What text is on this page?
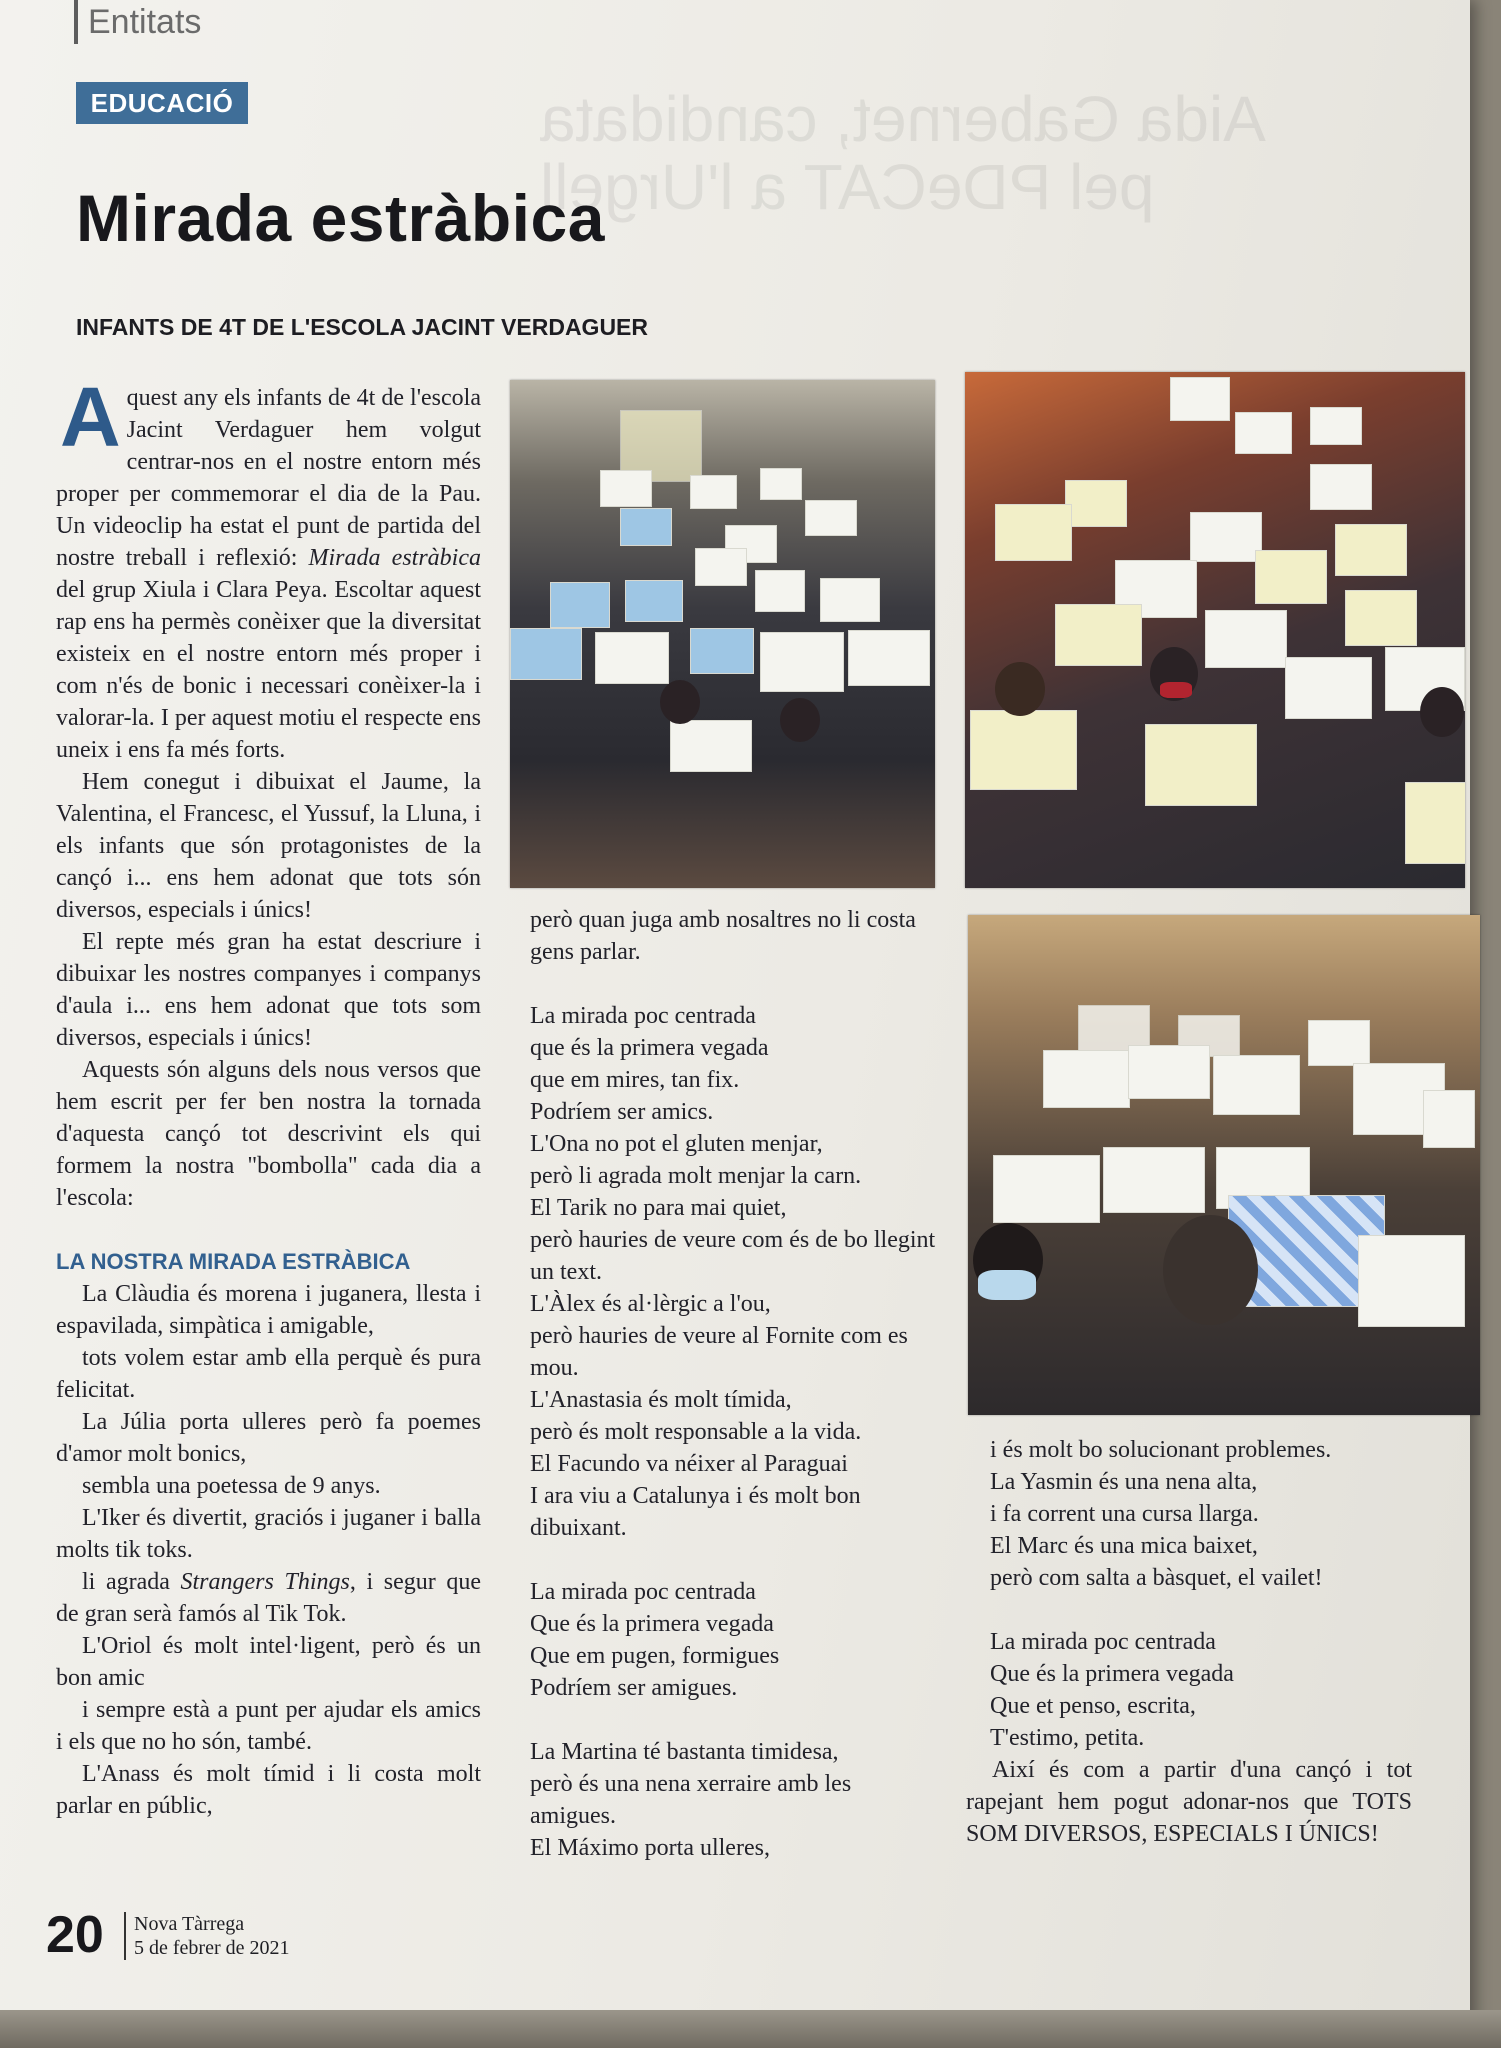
Aida Gabernet, candidata
pel PDeCAT a l'Urgell
Entitats
EDUCACIÓ
Mirada estràbica
INFANTS DE 4T DE L'ESCOLA JACINT VERDAGUER

Aquest any els infants de 4t de l'escola Jacint Verdaguer hem volgut centrar-nos en el nostre entorn més proper per commemorar el dia de la Pau. Un videoclip ha estat el punt de partida del nostre treball i reflexió: Mirada estràbica del grup Xiula i Clara Peya. Escoltar aquest rap ens ha permès conèixer que la diversitat existeix en el nostre entorn més proper i com n'és de bonic i necessari conèixer-la i valorar-la. I per aquest motiu el respecte ens uneix i ens fa més forts.

Hem conegut i dibuixat el Jaume, la Valentina, el Francesc, el Yussuf, la Lluna, i els infants que són protagonistes de la cançó i... ens hem adonat que tots són diversos, especials i únics!

El repte més gran ha estat descriure i dibuixar les nostres companyes i companys d'aula i... ens hem adonat que tots som diversos, especials i únics!

Aquests són alguns dels nous versos que hem escrit per fer ben nostra la tornada d'aquesta cançó tot descrivint els qui formem la nostra "bombolla" cada dia a l'escola:

LA NOSTRA MIRADA ESTRÀBICA

La Clàudia és morena i juganera, llesta i espavilada, simpàtica i amigable,

tots volem estar amb ella perquè és pura felicitat.

La Júlia porta ulleres però fa poemes d'amor molt bonics,

sembla una poetessa de 9 anys.

L'Iker és divertit, graciós i juganer i balla molts tik toks.

li agrada Strangers Things, i segur que de gran serà famós al Tik Tok.

L'Oriol és molt intel·ligent, però és un bon amic

i sempre està a punt per ajudar els amics i els que no ho són, també.

L'Anass és molt tímid i li costa molt parlar en públic,

però quan juga amb nosaltres no li costa gens parlar.

La mirada poc centrada

que és la primera vegada

que em mires, tan fix.

Podríem ser amics.

L'Ona no pot el gluten menjar,

però li agrada molt menjar la carn.

El Tarik no para mai quiet,

però hauries de veure com és de bo llegint un text.

L'Àlex és al·lèrgic a l'ou,

però hauries de veure al Fornite com es mou.

L'Anastasia és molt tímida,

però és molt responsable a la vida.

El Facundo va néixer al Paraguai

I ara viu a Catalunya i és molt bon dibuixant.

La mirada poc centrada

Que és la primera vegada

Que em pugen, formigues

Podríem ser amigues.

La Martina té bastanta timidesa,

però és una nena xerraire amb les amigues.

El Máximo porta ulleres,

i és molt bo solucionant problemes.

La Yasmin és una nena alta,

i fa corrent una cursa llarga.

El Marc és una mica baixet,

però com salta a bàsquet, el vailet!

La mirada poc centrada

Que és la primera vegada

Que et penso, escrita,

T'estimo, petita.

Així és com a partir d'una cançó i tot rapejant hem pogut adonar-nos que TOTS SOM DIVERSOS, ESPECIALS I ÚNICS!

20 Nova Tàrrega
5 de febrer de 2021
